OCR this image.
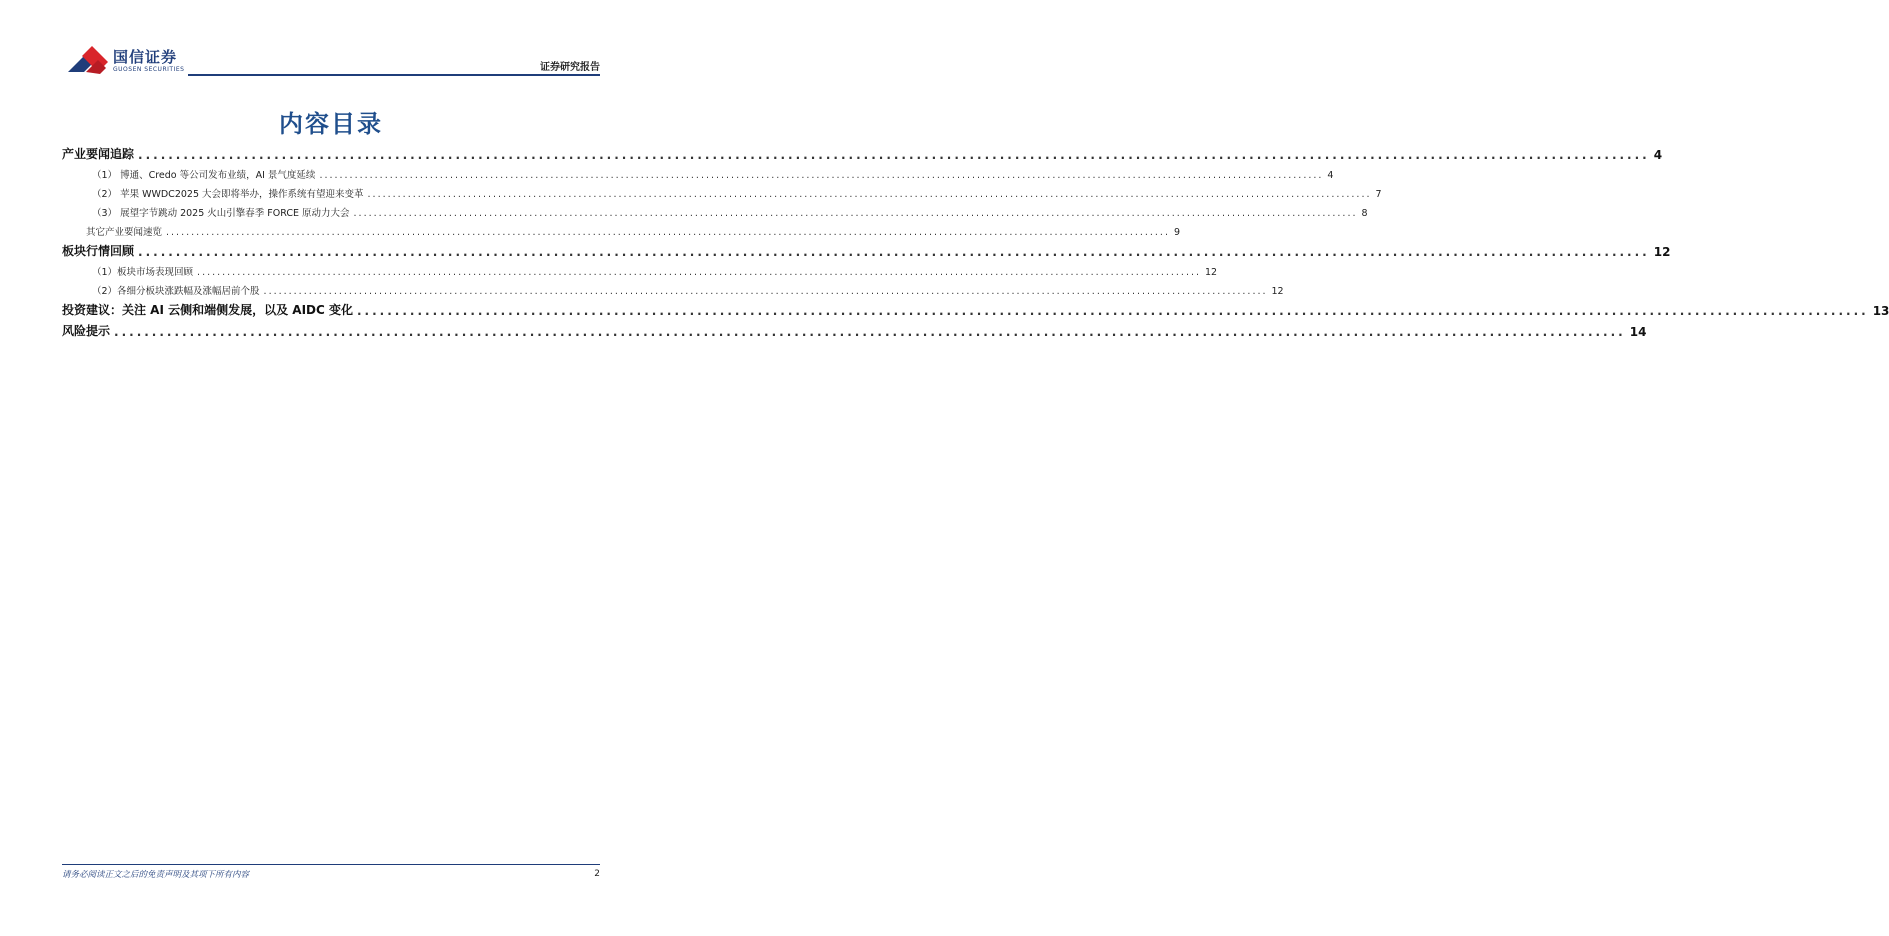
国信证券
GUOSEN SECURITIES	证券研究报告
内容目录
产业要闻追踪 ........................................................................................................................................................................................................ 4
（1） 博通、Credo 等公司发布业绩，AI 景气度延续 ........................................................................................................................................................................................................ 4
（2） 苹果 WWDC2025 大会即将举办，操作系统有望迎来变革 ........................................................................................................................................................................................................ 7
（3） 展望字节跳动 2025 火山引擎春季 FORCE 原动力大会 ........................................................................................................................................................................................................ 8
其它产业要闻速览 ........................................................................................................................................................................................................ 9
板块行情回顾 ........................................................................................................................................................................................................ 12
（1）板块市场表现回顾 ........................................................................................................................................................................................................ 12
（2）各细分板块涨跌幅及涨幅居前个股 ........................................................................................................................................................................................................ 12
投资建议：关注 AI 云侧和端侧发展，以及 AIDC 变化 ........................................................................................................................................................................................................ 13
风险提示 ........................................................................................................................................................................................................ 14
请务必阅读正文之后的免责声明及其项下所有内容	2
